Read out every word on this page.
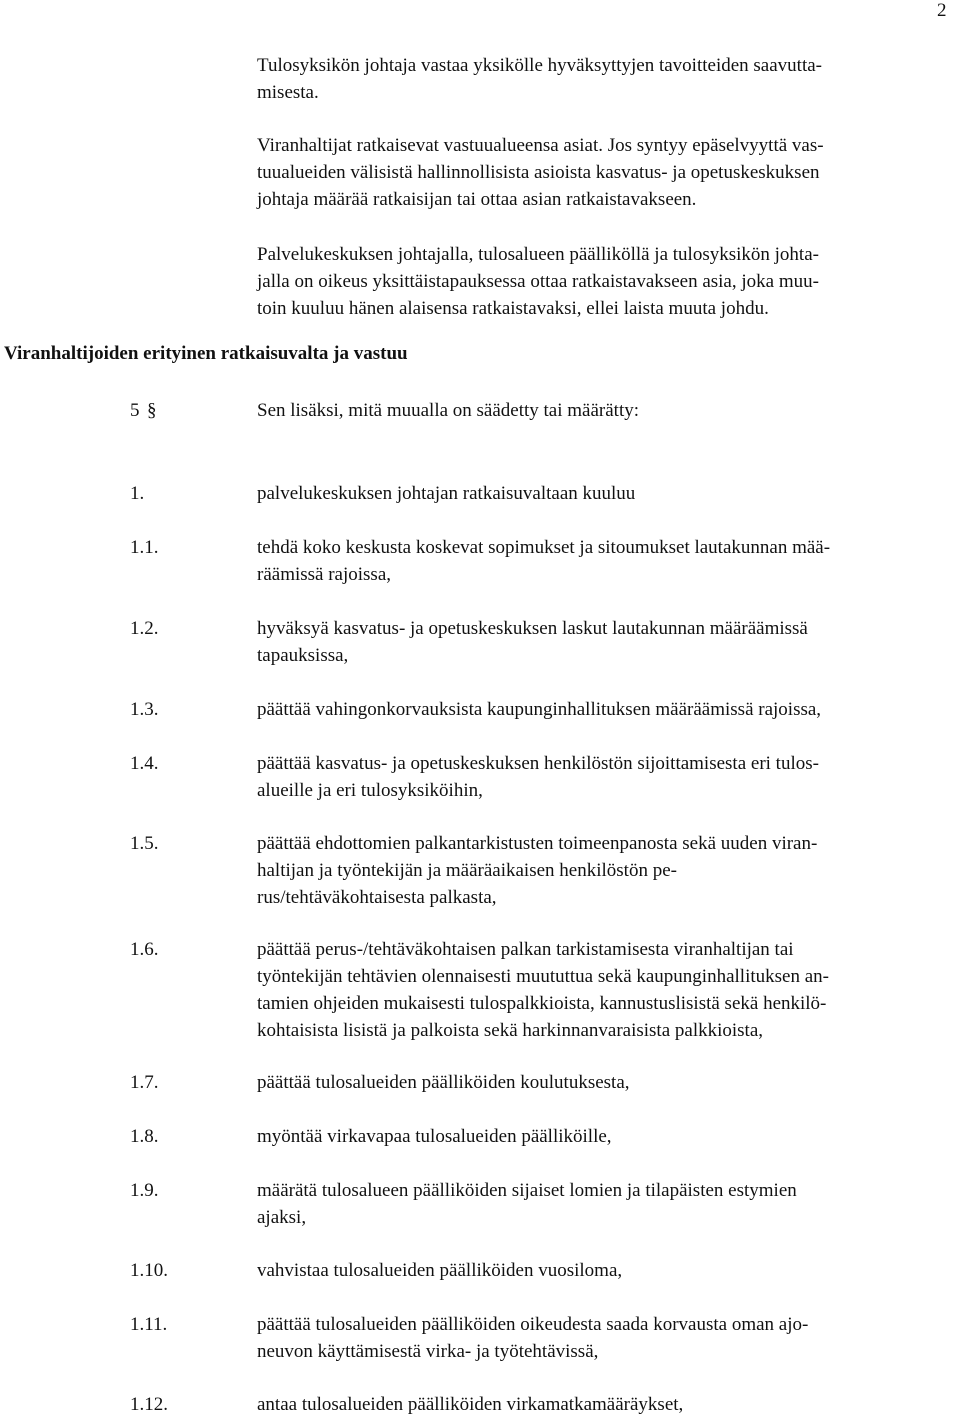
2

Tulosyksikön johtaja vastaa yksikölle hyväksyttyjen tavoitteiden saavutta-
misesta.

Viranhaltijat ratkaisevat vastuualueensa asiat. Jos syntyy epäselvyyttä vas-
tuualueiden välisistä hallinnollisista asioista kasvatus- ja opetuskeskuksen
johtaja määrää ratkaisijan tai ottaa asian ratkaistavakseen.

Palvelukeskuksen johtajalla, tulosalueen päälliköllä ja tulosyksikön johta-
jalla on oikeus yksittäistapauksessa ottaa ratkaistavakseen asia, joka muu-
toin kuuluu hänen alaisensa ratkaistavaksi, ellei laista muuta johdu.

Viranhaltijoiden erityinen ratkaisuvalta ja vastuu
5 §	Sen lisäksi, mitä muualla on säädetty tai määrätty:
1.	palvelukeskuksen johtajan ratkaisuvaltaan kuuluu
1.1.	tehdä koko keskusta koskevat sopimukset ja sitoumukset lautakunnan mää-
räämissä rajoissa,
1.2.	hyväksyä kasvatus- ja opetuskeskuksen laskut lautakunnan määräämissä
tapauksissa,
1.3.	päättää vahingonkorvauksista kaupunginhallituksen määräämissä rajoissa,
1.4.	päättää kasvatus- ja opetuskeskuksen henkilöstön sijoittamisesta eri tulos-
alueille ja eri tulosyksiköihin,
1.5.	päättää ehdottomien palkantarkistusten toimeenpanosta sekä uuden viran-
haltijan ja työntekijän ja määräaikaisen henkilöstön pe-
rus/tehtäväkohtaisesta palkasta,
1.6.	päättää perus-/tehtäväkohtaisen palkan tarkistamisesta viranhaltijan tai
työntekijän tehtävien olennaisesti muututtua sekä kaupunginhallituksen an-
tamien ohjeiden mukaisesti tulospalkkioista, kannustuslisistä sekä henkilö-
kohtaisista lisistä ja palkoista sekä harkinnanvaraisista palkkioista,
1.7.	päättää tulosalueiden päälliköiden koulutuksesta,
1.8.	myöntää virkavapaa tulosalueiden päälliköille,
1.9.	määrätä tulosalueen päälliköiden sijaiset lomien ja tilapäisten estymien
ajaksi,
1.10.	vahvistaa tulosalueiden päälliköiden vuosiloma,
1.11.	päättää tulosalueiden päälliköiden oikeudesta saada korvausta oman ajo-
neuvon käyttämisestä virka- ja työtehtävissä,
1.12.	antaa tulosalueiden päälliköiden virkamatkamääräykset,
